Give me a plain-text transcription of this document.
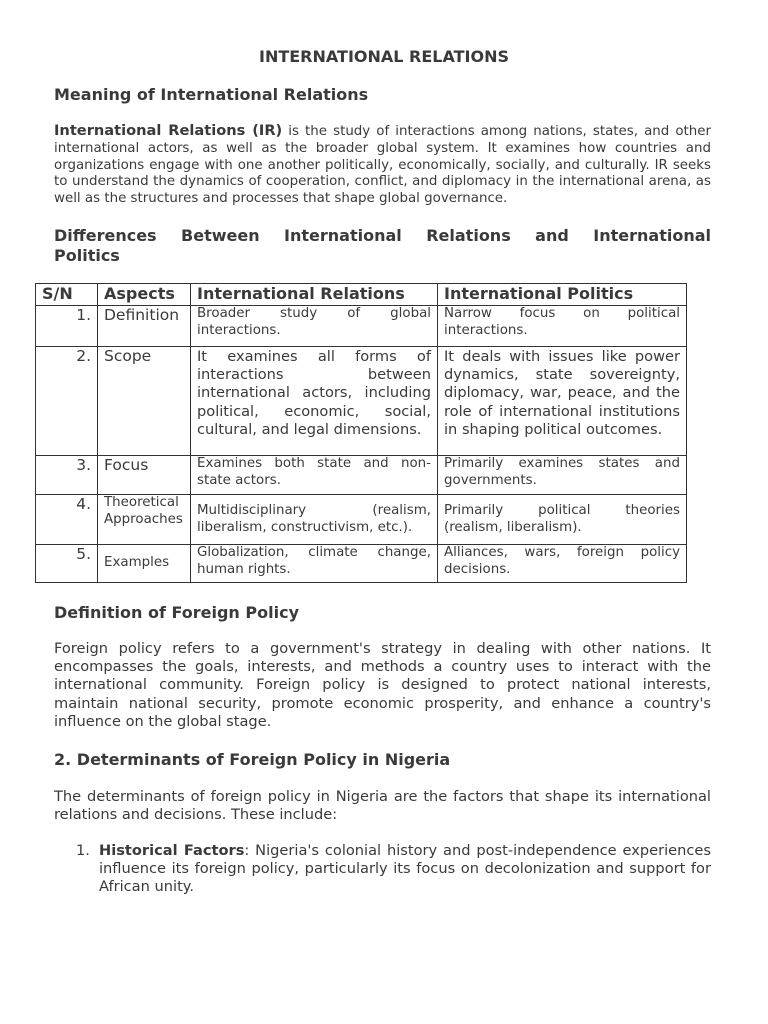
INTERNATIONAL RELATIONS
Meaning of International Relations

International Relations (IR) is the study of interactions among nations, states, and other international actors, as well as the broader global system. It examines how countries and organizations engage with one another politically, economically, socially, and culturally. IR seeks to understand the dynamics of cooperation, conflict, and diplomacy in the international arena, as well as the structures and processes that shape global governance.

Differences Between International Relations and International
Politics
S/N	Aspects	International Relations	International Politics
1.	Definition	Broader study of global interactions.	Narrow focus on political interactions.
2.	Scope	It examines all forms of interactions between international actors, including political, economic, social, cultural, and legal dimensions.	It deals with issues like power dynamics, state sovereignty, diplomacy, war, peace, and the role of international institutions in shaping political outcomes.
3.	Focus	Examines both state and non-state actors.	Primarily examines states and governments.
4.	Theoretical Approaches	Multidisciplinary (realism, liberalism, constructivism, etc.).	Primarily political theories (realism, liberalism).
5.	Examples	Globalization, climate change, human rights.	Alliances, wars, foreign policy decisions.
Definition of Foreign Policy

Foreign policy refers to a government's strategy in dealing with other nations. It encompasses the goals, interests, and methods a country uses to interact with the international community. Foreign policy is designed to protect national interests, maintain national security, promote economic prosperity, and enhance a country's influence on the global stage.

2. Determinants of Foreign Policy in Nigeria

The determinants of foreign policy in Nigeria are the factors that shape its international relations and decisions. These include:

1. Historical Factors: Nigeria's colonial history and post-independence experiences influence its foreign policy, particularly its focus on decolonization and support for African unity.
